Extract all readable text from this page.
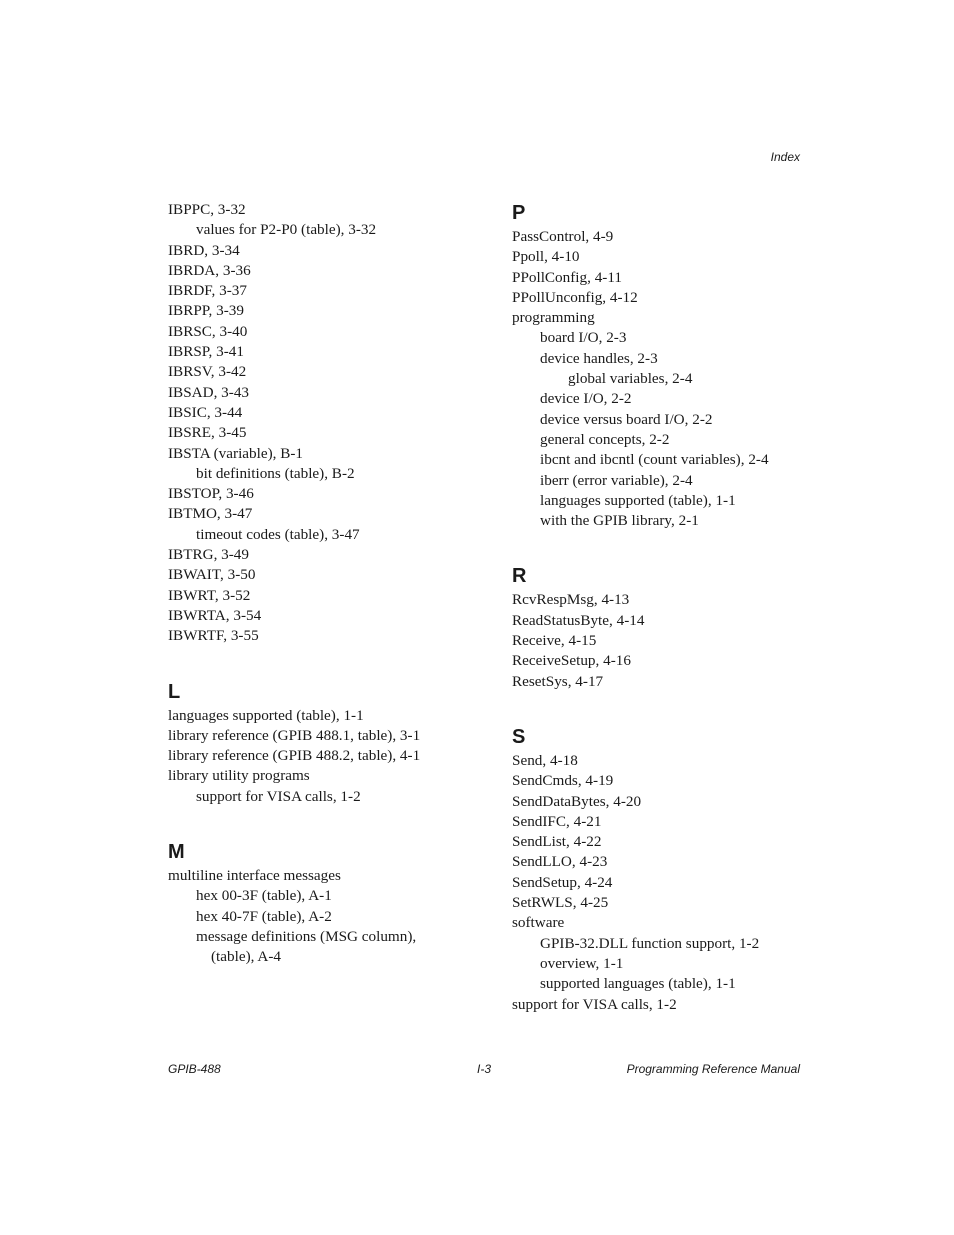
Index
IBPPC, 3-32
values for P2-P0 (table), 3-32
IBRD, 3-34
IBRDA, 3-36
IBRDF, 3-37
IBRPP, 3-39
IBRSC, 3-40
IBRSP, 3-41
IBRSV, 3-42
IBSAD, 3-43
IBSIC, 3-44
IBSRE, 3-45
IBSTA (variable), B-1
bit definitions (table), B-2
IBSTOP, 3-46
IBTMO, 3-47
timeout codes (table), 3-47
IBTRG, 3-49
IBWAIT, 3-50
IBWRT, 3-52
IBWRTA, 3-54
IBWRTF, 3-55
L
languages supported (table), 1-1
library reference (GPIB 488.1, table), 3-1
library reference (GPIB 488.2, table), 4-1
library utility programs
support for VISA calls, 1-2
M
multiline interface messages
hex 00-3F (table), A-1
hex 40-7F (table), A-2
message definitions (MSG column),
(table), A-4
P
PassControl, 4-9
Ppoll, 4-10
PPollConfig, 4-11
PPollUnconfig, 4-12
programming
board I/O, 2-3
device handles, 2-3
global variables, 2-4
device I/O, 2-2
device versus board I/O, 2-2
general concepts, 2-2
ibcnt and ibcntl (count variables), 2-4
iberr (error variable), 2-4
languages supported (table), 1-1
with the GPIB library, 2-1
R
RcvRespMsg, 4-13
ReadStatusByte, 4-14
Receive, 4-15
ReceiveSetup, 4-16
ResetSys, 4-17
S
Send, 4-18
SendCmds, 4-19
SendDataBytes, 4-20
SendIFC, 4-21
SendList, 4-22
SendLLO, 4-23
SendSetup, 4-24
SetRWLS, 4-25
software
GPIB-32.DLL function support, 1-2
overview, 1-1
supported languages (table), 1-1
support for VISA calls, 1-2
GPIB-488	I-3	Programming Reference Manual
